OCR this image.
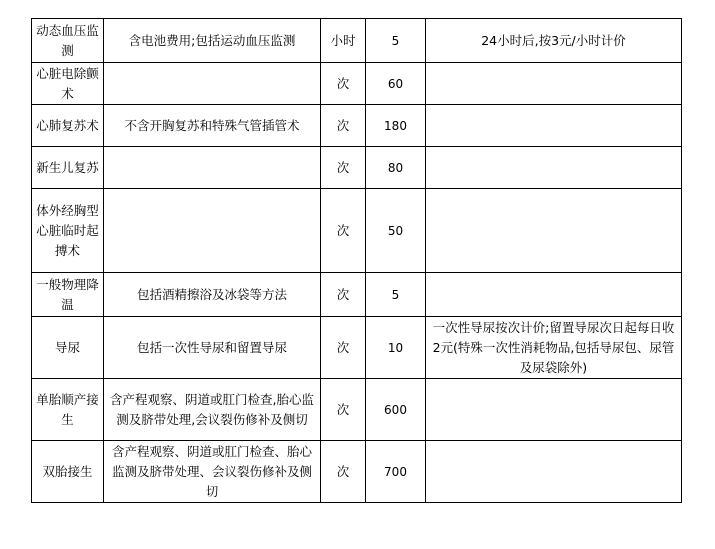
动态血压监测	含电池费用;包括运动血压监测	小时	5	24小时后,按3元/小时计价
心脏电除颤术		次	60	
心肺复苏术	不含开胸复苏和特殊气管插管术	次	180	
新生儿复苏		次	80	
体外经胸型心脏临时起搏术		次	50	
一般物理降温	包括酒精擦浴及冰袋等方法	次	5	
导尿	包括一次性导尿和留置导尿	次	10	一次性导尿按次计价;留置导尿次日起每日收2元(特殊一次性消耗物品,包括导尿包、尿管及尿袋除外)
单胎顺产接生	含产程观察、阴道或肛门检查,胎心监测及脐带处理,会议裂伤修补及侧切	次	600	
双胎接生	含产程观察、阴道或肛门检查、胎心监测及脐带处理、会议裂伤修补及侧切	次	700	
